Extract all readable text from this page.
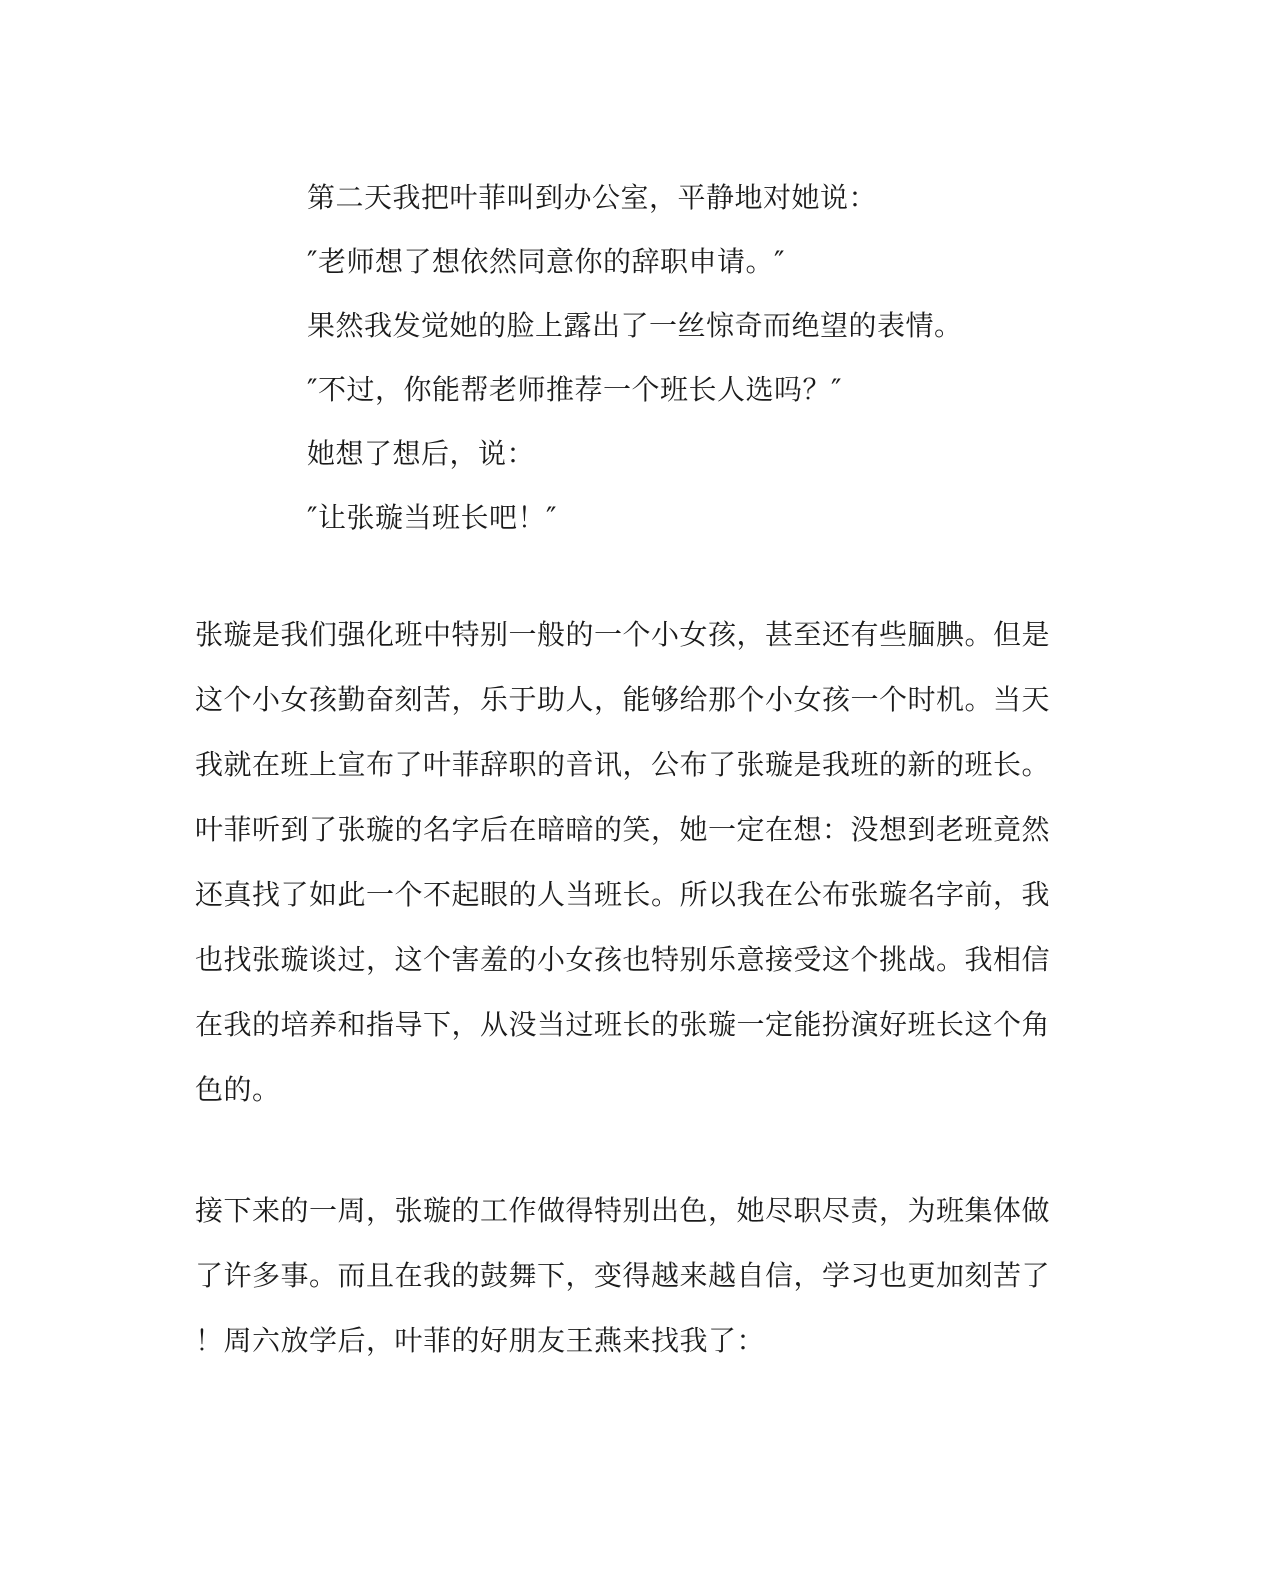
第二天我把叶菲叫到办公室，平静地对她说：
″老师想了想依然同意你的辞职申请。″
果然我发觉她的脸上露出了一丝惊奇而绝望的表情。
″不过，你能帮老师推荐一个班长人选吗？″
她想了想后，说：
″让张璇当班长吧！″
张璇是我们强化班中特别一般的一个小女孩，甚至还有些腼腆。但是
这个小女孩勤奋刻苦，乐于助人，能够给那个小女孩一个时机。当天
我就在班上宣布了叶菲辞职的音讯，公布了张璇是我班的新的班长。
叶菲听到了张璇的名字后在暗暗的笑，她一定在想：没想到老班竟然
还真找了如此一个不起眼的人当班长。所以我在公布张璇名字前，我
也找张璇谈过，这个害羞的小女孩也特别乐意接受这个挑战。我相信
在我的培养和指导下，从没当过班长的张璇一定能扮演好班长这个角
色的。
接下来的一周，张璇的工作做得特别出色，她尽职尽责，为班集体做
了许多事。而且在我的鼓舞下，变得越来越自信，学习也更加刻苦了
！周六放学后，叶菲的好朋友王燕来找我了：
